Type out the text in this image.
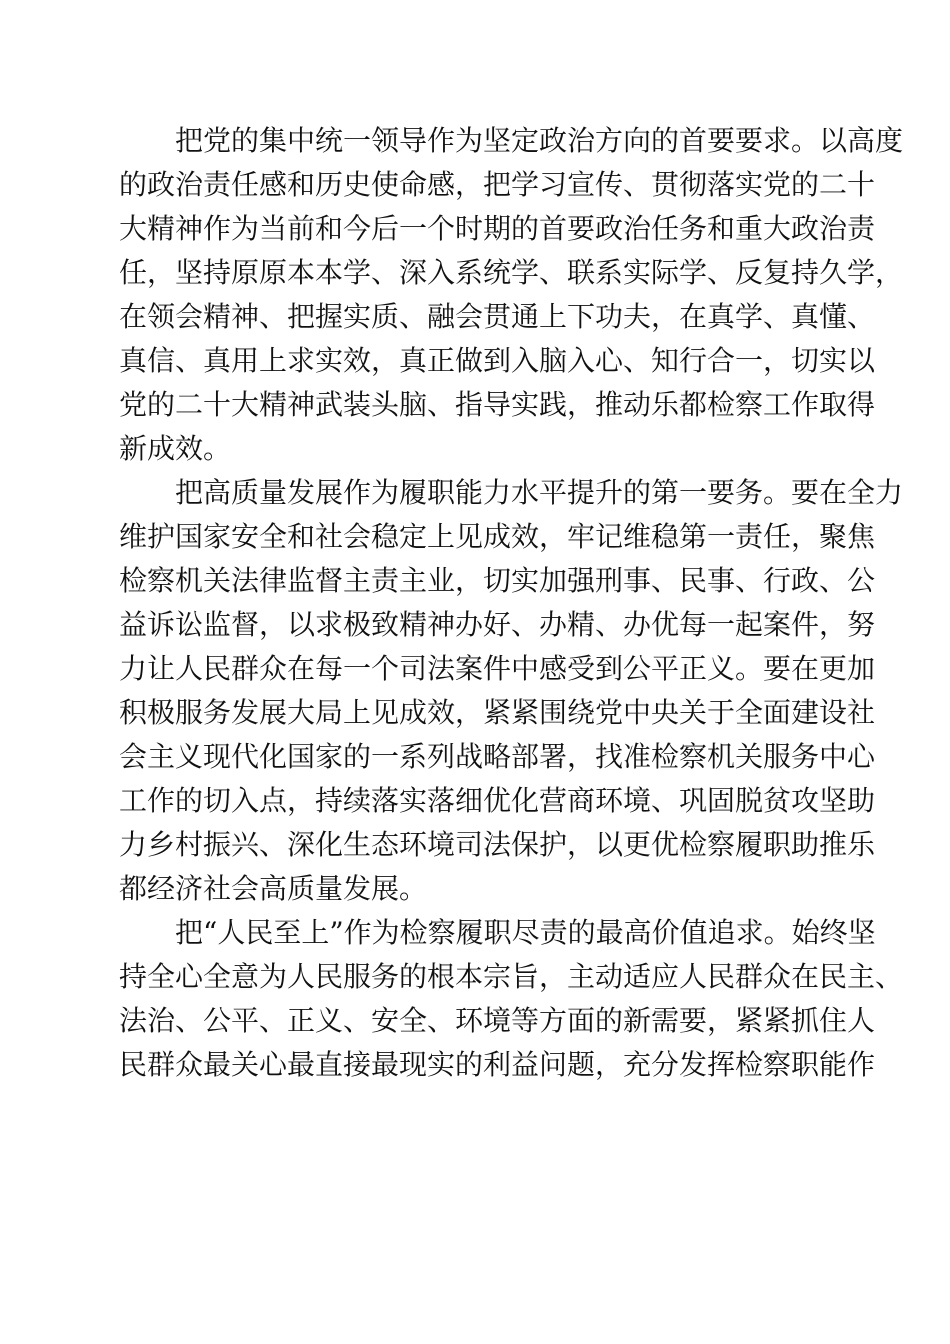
　　把党的集中统一领导作为坚定政治方向的首要要求。以高度
的政治责任感和历史使命感，把学习宣传、贯彻落实党的二十
大精神作为当前和今后一个时期的首要政治任务和重大政治责
任，坚持原原本本学、深入系统学、联系实际学、反复持久学，
在领会精神、把握实质、融会贯通上下功夫，在真学、真懂、
真信、真用上求实效，真正做到入脑入心、知行合一，切实以
党的二十大精神武装头脑、指导实践，推动乐都检察工作取得
新成效。
　　把高质量发展作为履职能力水平提升的第一要务。要在全力
维护国家安全和社会稳定上见成效，牢记维稳第一责任，聚焦
检察机关法律监督主责主业，切实加强刑事、民事、行政、公
益诉讼监督，以求极致精神办好、办精、办优每一起案件，努
力让人民群众在每一个司法案件中感受到公平正义。要在更加
积极服务发展大局上见成效，紧紧围绕党中央关于全面建设社
会主义现代化国家的一系列战略部署，找准检察机关服务中心
工作的切入点，持续落实落细优化营商环境、巩固脱贫攻坚助
力乡村振兴、深化生态环境司法保护，以更优检察履职助推乐
都经济社会高质量发展。
　　把“人民至上”作为检察履职尽责的最高价值追求。始终坚
持全心全意为人民服务的根本宗旨，主动适应人民群众在民主、
法治、公平、正义、安全、环境等方面的新需要，紧紧抓住人
民群众最关心最直接最现实的利益问题，充分发挥检察职能作
